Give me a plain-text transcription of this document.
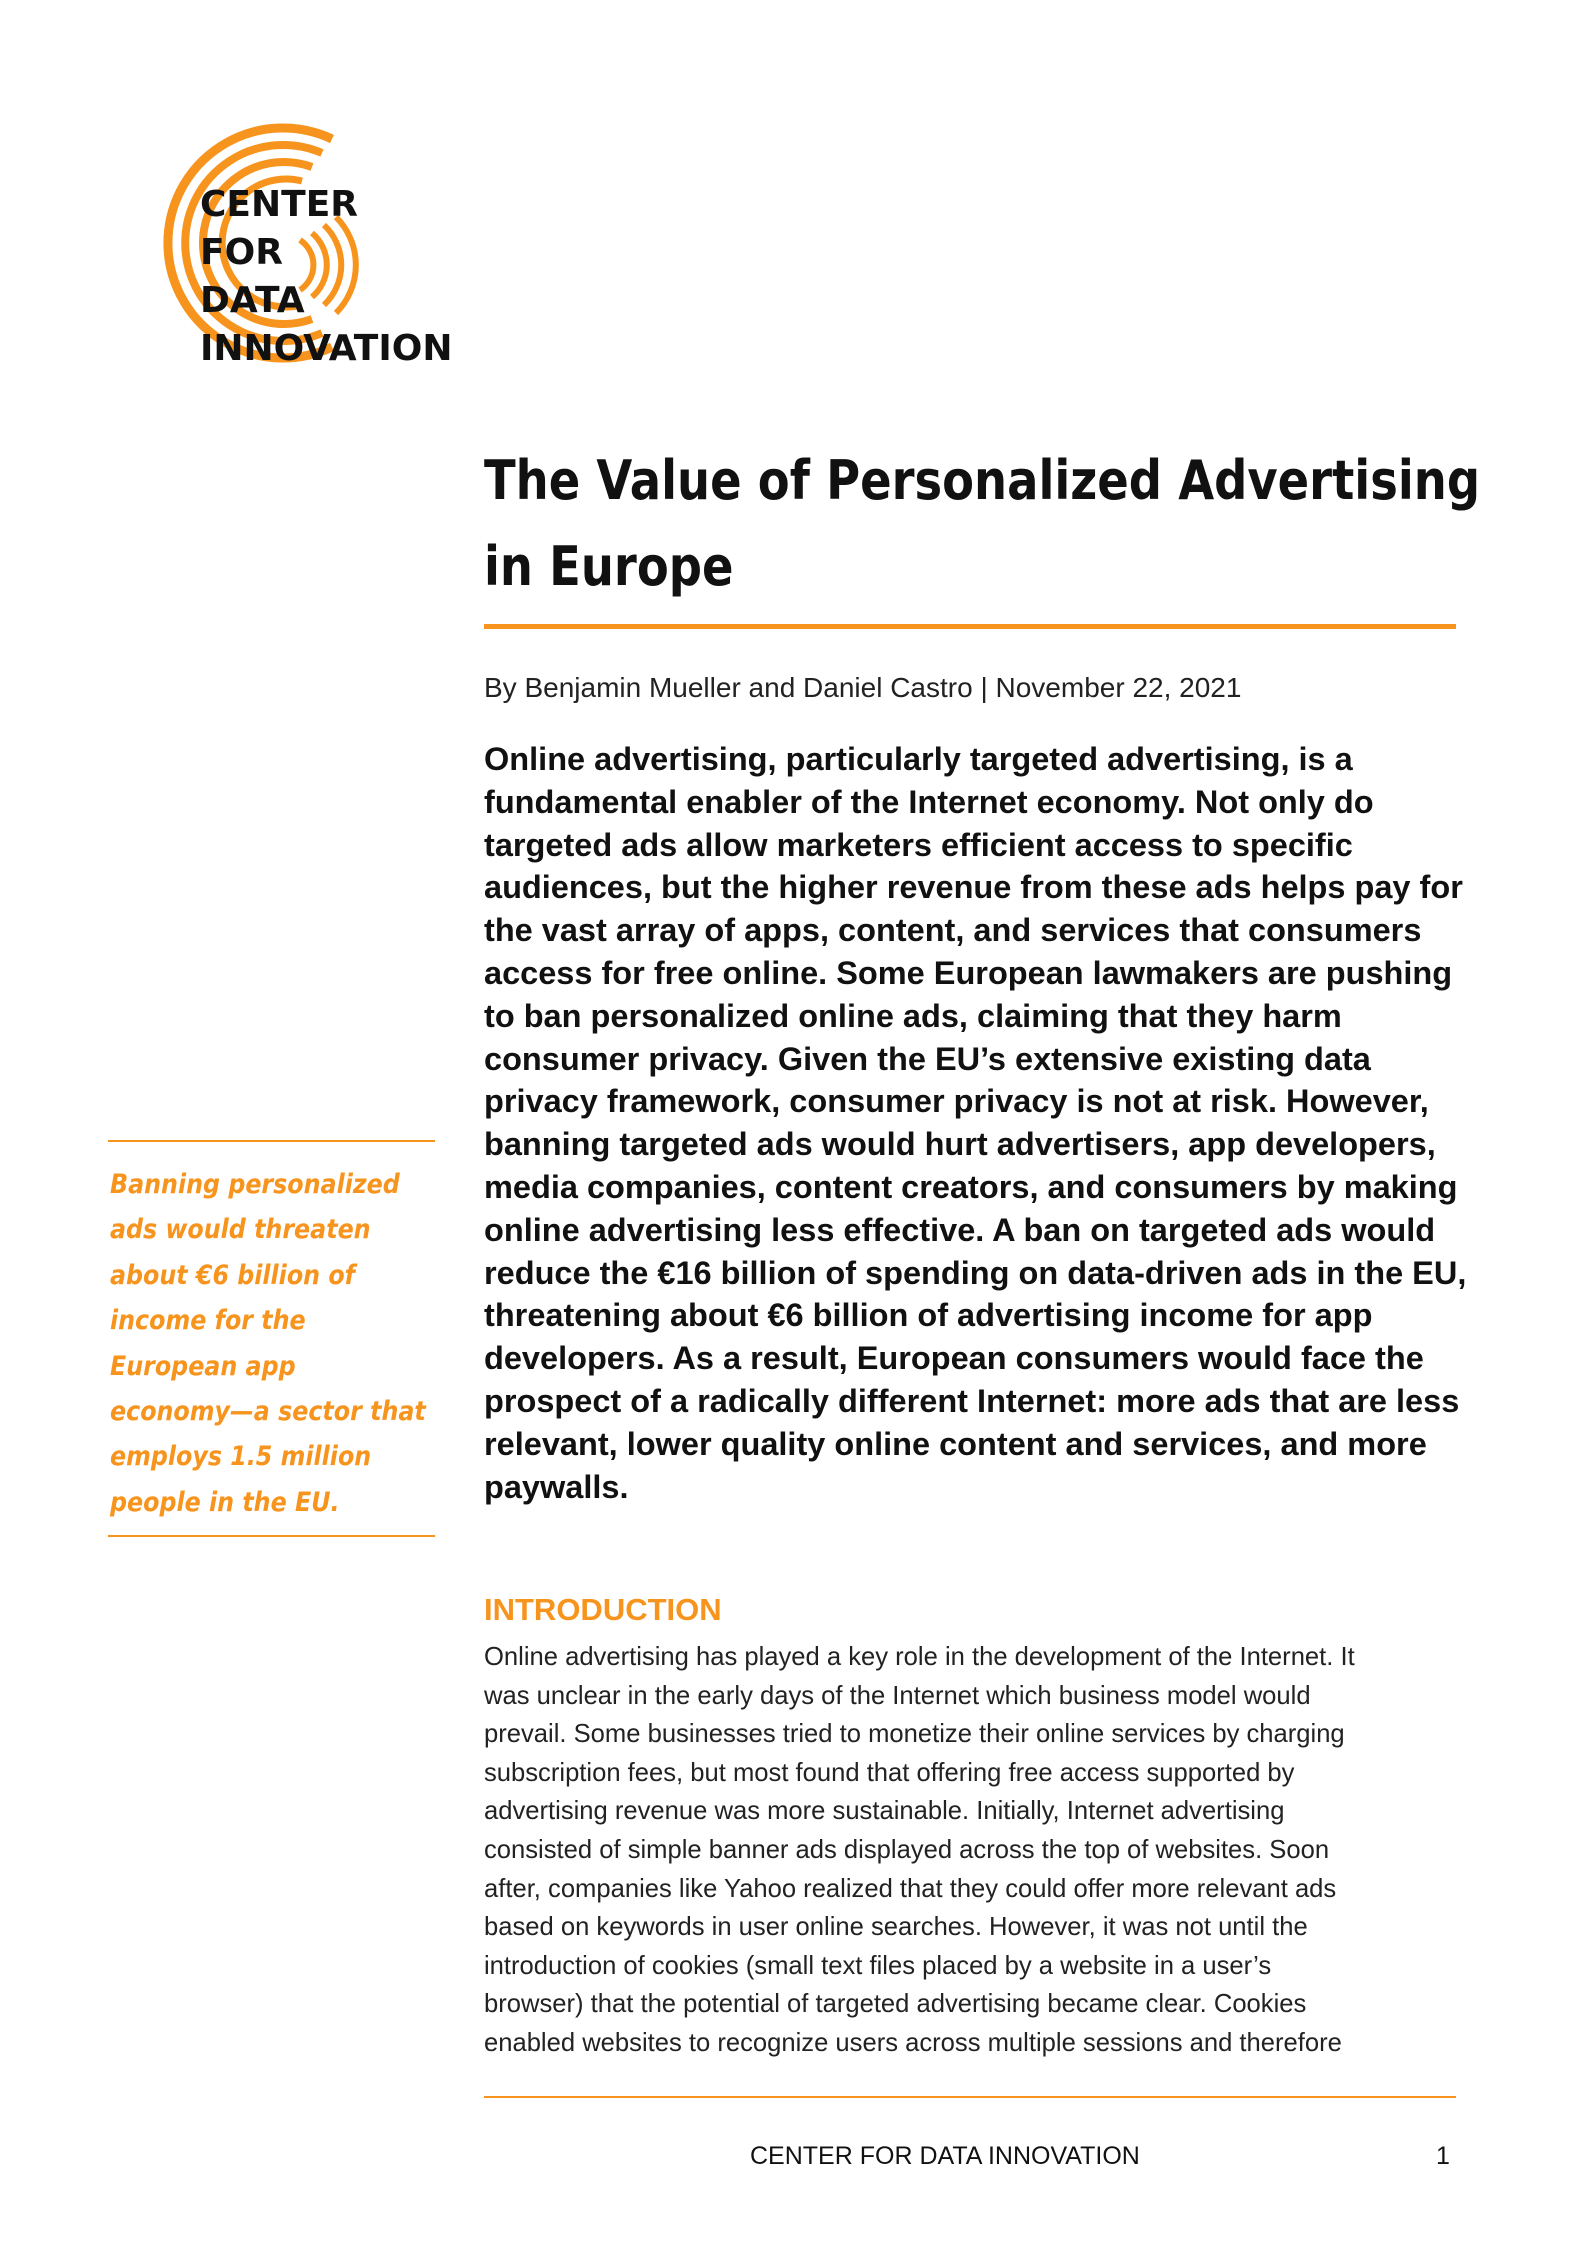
CENTER
FOR
DATA
INNOVATION
The Value of Personalized Advertising
in Europe
By Benjamin Mueller and Daniel Castro | November 22, 2021

Online advertising, particularly targeted advertising, is a fundamental enabler of the Internet economy. Not only do targeted ads allow marketers efficient access to specific audiences, but the higher revenue from these ads helps pay for the vast array of apps, content, and services that consumers access for free online. Some European lawmakers are pushing to ban personalized online ads, claiming that they harm consumer privacy. Given the EU’s extensive existing data privacy framework, consumer privacy is not at risk. However, banning targeted ads would hurt advertisers, app developers, media companies, content creators, and consumers by making online advertising less effective. A ban on targeted ads would reduce the €16 billion of spending on data-driven ads in the EU, threatening about €6 billion of advertising income for app developers. As a result, European consumers would face the prospect of a radically different Internet: more ads that are less relevant, lower quality online content and services, and more paywalls.

Banning personalized
ads would threaten
about €6 billion of
income for the
European app
economy—a sector that
employs 1.5 million
people in the EU.

INTRODUCTION

Online advertising has played a key role in the development of the Internet. It
was unclear in the early days of the Internet which business model would
prevail. Some businesses tried to monetize their online services by charging
subscription fees, but most found that offering free access supported by
advertising revenue was more sustainable. Initially, Internet advertising
consisted of simple banner ads displayed across the top of websites. Soon
after, companies like Yahoo realized that they could offer more relevant ads
based on keywords in user online searches. However, it was not until the
introduction of cookies (small text files placed by a website in a user’s
browser) that the potential of targeted advertising became clear. Cookies
enabled websites to recognize users across multiple sessions and therefore

CENTER FOR DATA INNOVATION	1
